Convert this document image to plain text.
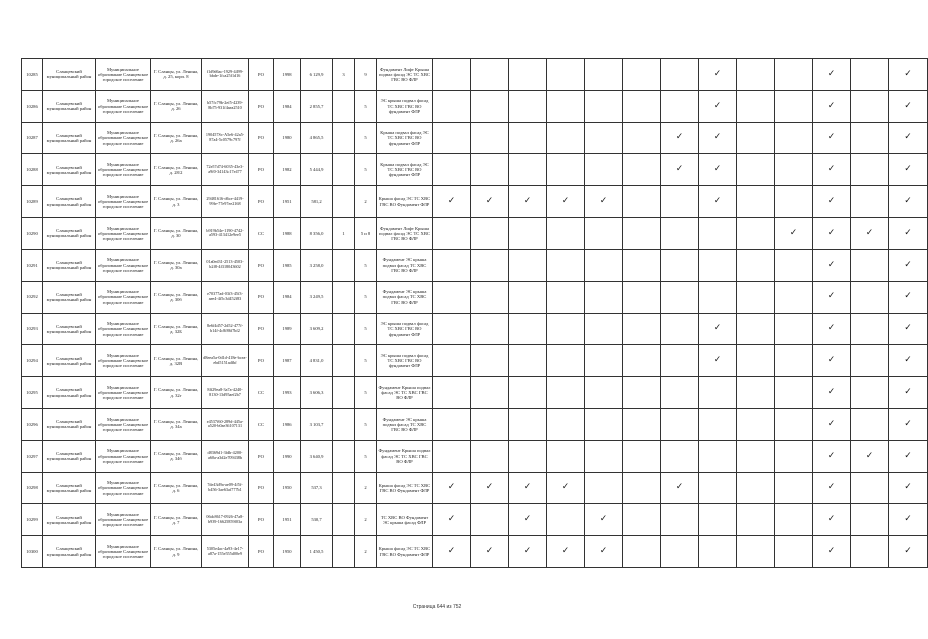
10285	Сланцевский муниципальный район	Муниципальное образование Сланцевское городское поселение	Г. Сланцы, ул. Ленина, д. 25, корп. 8	f1d9d6ac-1929-4499-bbde-1fca25f1d16	РО	1998	6 129,9	3	9	Фундамент Лифт Крыша подвал фасад ЭС ТС ХВС ГВС ВО ФЛР								✓			✓		✓
10286	Сланцевский муниципальный район	Муниципальное образование Сланцевское городское поселение	Г. Сланцы, ул. Ленина, д. 26	b57fc79b-2ef5-4239-8b75-931f4aea2510	РО	1984	2 855,7		5	ЭС крыша подвал фасад ТС ХВС ГВС ВО фундамент ФЛР								✓			✓		✓
10287	Сланцевский муниципальный район	Муниципальное образование Сланцевское городское поселение	Г. Сланцы, ул. Ленина, д. 26а	190457Sc-A5e6-42a5-87a4-5c0579c797f	РО	1980	4 865,5		5	Крыша подвал фасад ЭС ТС ХВС ГВС ВО фундамент ФЛР							✓	✓			✓		✓
10288	Сланцевский муниципальный район	Муниципальное образование Сланцевское городское поселение	Г. Сланцы, ул. Ленина, д. 28/2	72e57d74-6035-43e3-a9f0-34143c17e477	РО	1982	5 444,9		5	Крыша подвал фасад ЭС ТС ХВС ГВС ВО фундамент ФЛР							✓	✓			✓		✓
10289	Сланцевский муниципальный район	Муниципальное образование Сланцевское городское поселение	Г. Сланцы, ул. Ленина, д. 3	29481616-d6ce-4419-99fe-77e97ee2168	РО	1951	581,2		2	Крыша фасад ЭС ТС ХВС ГВС ВО Фундамент ФЛР	✓	✓	✓	✓	✓			✓			✓		✓
10290	Сланцевский муниципальный район	Муниципальное образование Сланцевское городское поселение	Г. Сланцы, ул. Ленина, д. 30	b919b54e-1190-4742-a593-413412e9ee5	СС	1988	8 356,0	1	5 и 8	Фундамент Лифт Крыша подвал фасад ЭС ТС ХВС ГВС ВО ФЛР										✓	✓	✓	✓
10291	Сланцевский муниципальный район	Муниципальное образование Сланцевское городское поселение	Г. Сланцы, ул. Ленина, д. 30а	01a0ed31-2513-4503-b2f8-4f318043602	РО	1985	3 258,0		5	Фундамент ЭС крыша подвал фасад ТС ХВС ГВС ВО ФЛР											✓		✓
10292	Сланцевский муниципальный район	Муниципальное образование Сланцевское городское поселение	Г. Сланцы, ул. Ленина, д. 30б	e70377ad-03f3-45f3-aee4-4f5c3d452f83	РО	1984	3 249,5		5	Фундамент ЭС крыша подвал фасад ТС ХВС ГВС ВО ФЛР											✓		✓
10293	Сланцевский муниципальный район	Муниципальное образование Сланцевское городское поселение	Г. Сланцы, ул. Ленина, д. 32Б	8e6f4d57-2d52-477f-b14f-4c8f86f7bf2	РО	1989	3 609,2		5	ЭС крыша подвал фасад ТС ХВС ГВС ВО фундамент ФЛР								✓			✓		✓
10294	Сланцевский муниципальный район	Муниципальное образование Сланцевское городское поселение	Г. Сланцы, ул. Ленина, д. 32В	d8eea5a-0d1d-418e-bcea-ebd5151adfbf	РО	1987	4 831,0		5	ЭС крыша подвал фасад ТС ХВС ГВС ВО фундамент ФЛР								✓			✓		✓
10295	Сланцевский муниципальный район	Муниципальное образование Сланцевское городское поселение	Г. Сланцы, ул. Ленина, д. 32г	8ff29ea8-3a7a-4240-8130-13d95aef2b7	СС	1993	3 606,3		5	Фундамент Крыша подвал фасад ЭС ТС ХВС ГВС ВО ФЛР											✓		✓
10296	Сланцевский муниципальный район	Муниципальное образование Сланцевское городское поселение	Г. Сланцы, ул. Ленина, д. 34а	e4537f60-289d-445a-a520-b0ae36107131	СС	1986	3 103,7		5	Фундамент ЭС крыша подвал фасад ТС ХВС ГВС ВО ФЛР											✓		✓
10297	Сланцевский муниципальный район	Муниципальное образование Сланцевское городское поселение	Г. Сланцы, ул. Ленина, д. 34б	d8369d1-3fdb-4200-a60a-a3d2e709438b	РО	1990	3 640,9		5	Фундамент Крыша подвал фасад ЭС ТС ХВС ГВС ВО ФЛР											✓	✓	✓
10298	Сланцевский муниципальный район	Муниципальное образование Сланцевское городское поселение	Г. Сланцы, ул. Ленина, д. 6	7de43d9a-ae09-4f5f-b456-3ae63af777b1	РО	1950	537,3		2	Крыша фасад ЭС ТС ХВС ГВС ВО Фундамент ФЛР	✓	✓	✓	✓			✓				✓		✓
10299	Сланцевский муниципальный район	Муниципальное образование Сланцевское городское поселение	Г. Сланцы, ул. Ленина, д. 7	06dc8617-0926-47a8-b939-16625859f03a	РО	1951	530,7		2	ТС ХВС ВО Фундамент ЭС крыша фасад ФЛР	✓		✓		✓						✓		✓
10300	Сланцевский муниципальный район	Муниципальное образование Сланцевское городское поселение	Г. Сланцы, ул. Ленина, д. 9	5305e4ac-4a93-4e17-a87a-155e555d00e9	РО	1950	1 450,5		2	Крыша фасад ЭС ТС ХВС ГВС ВО Фундамент ФЛР	✓	✓	✓	✓	✓						✓		✓
Страница 644 из 752
